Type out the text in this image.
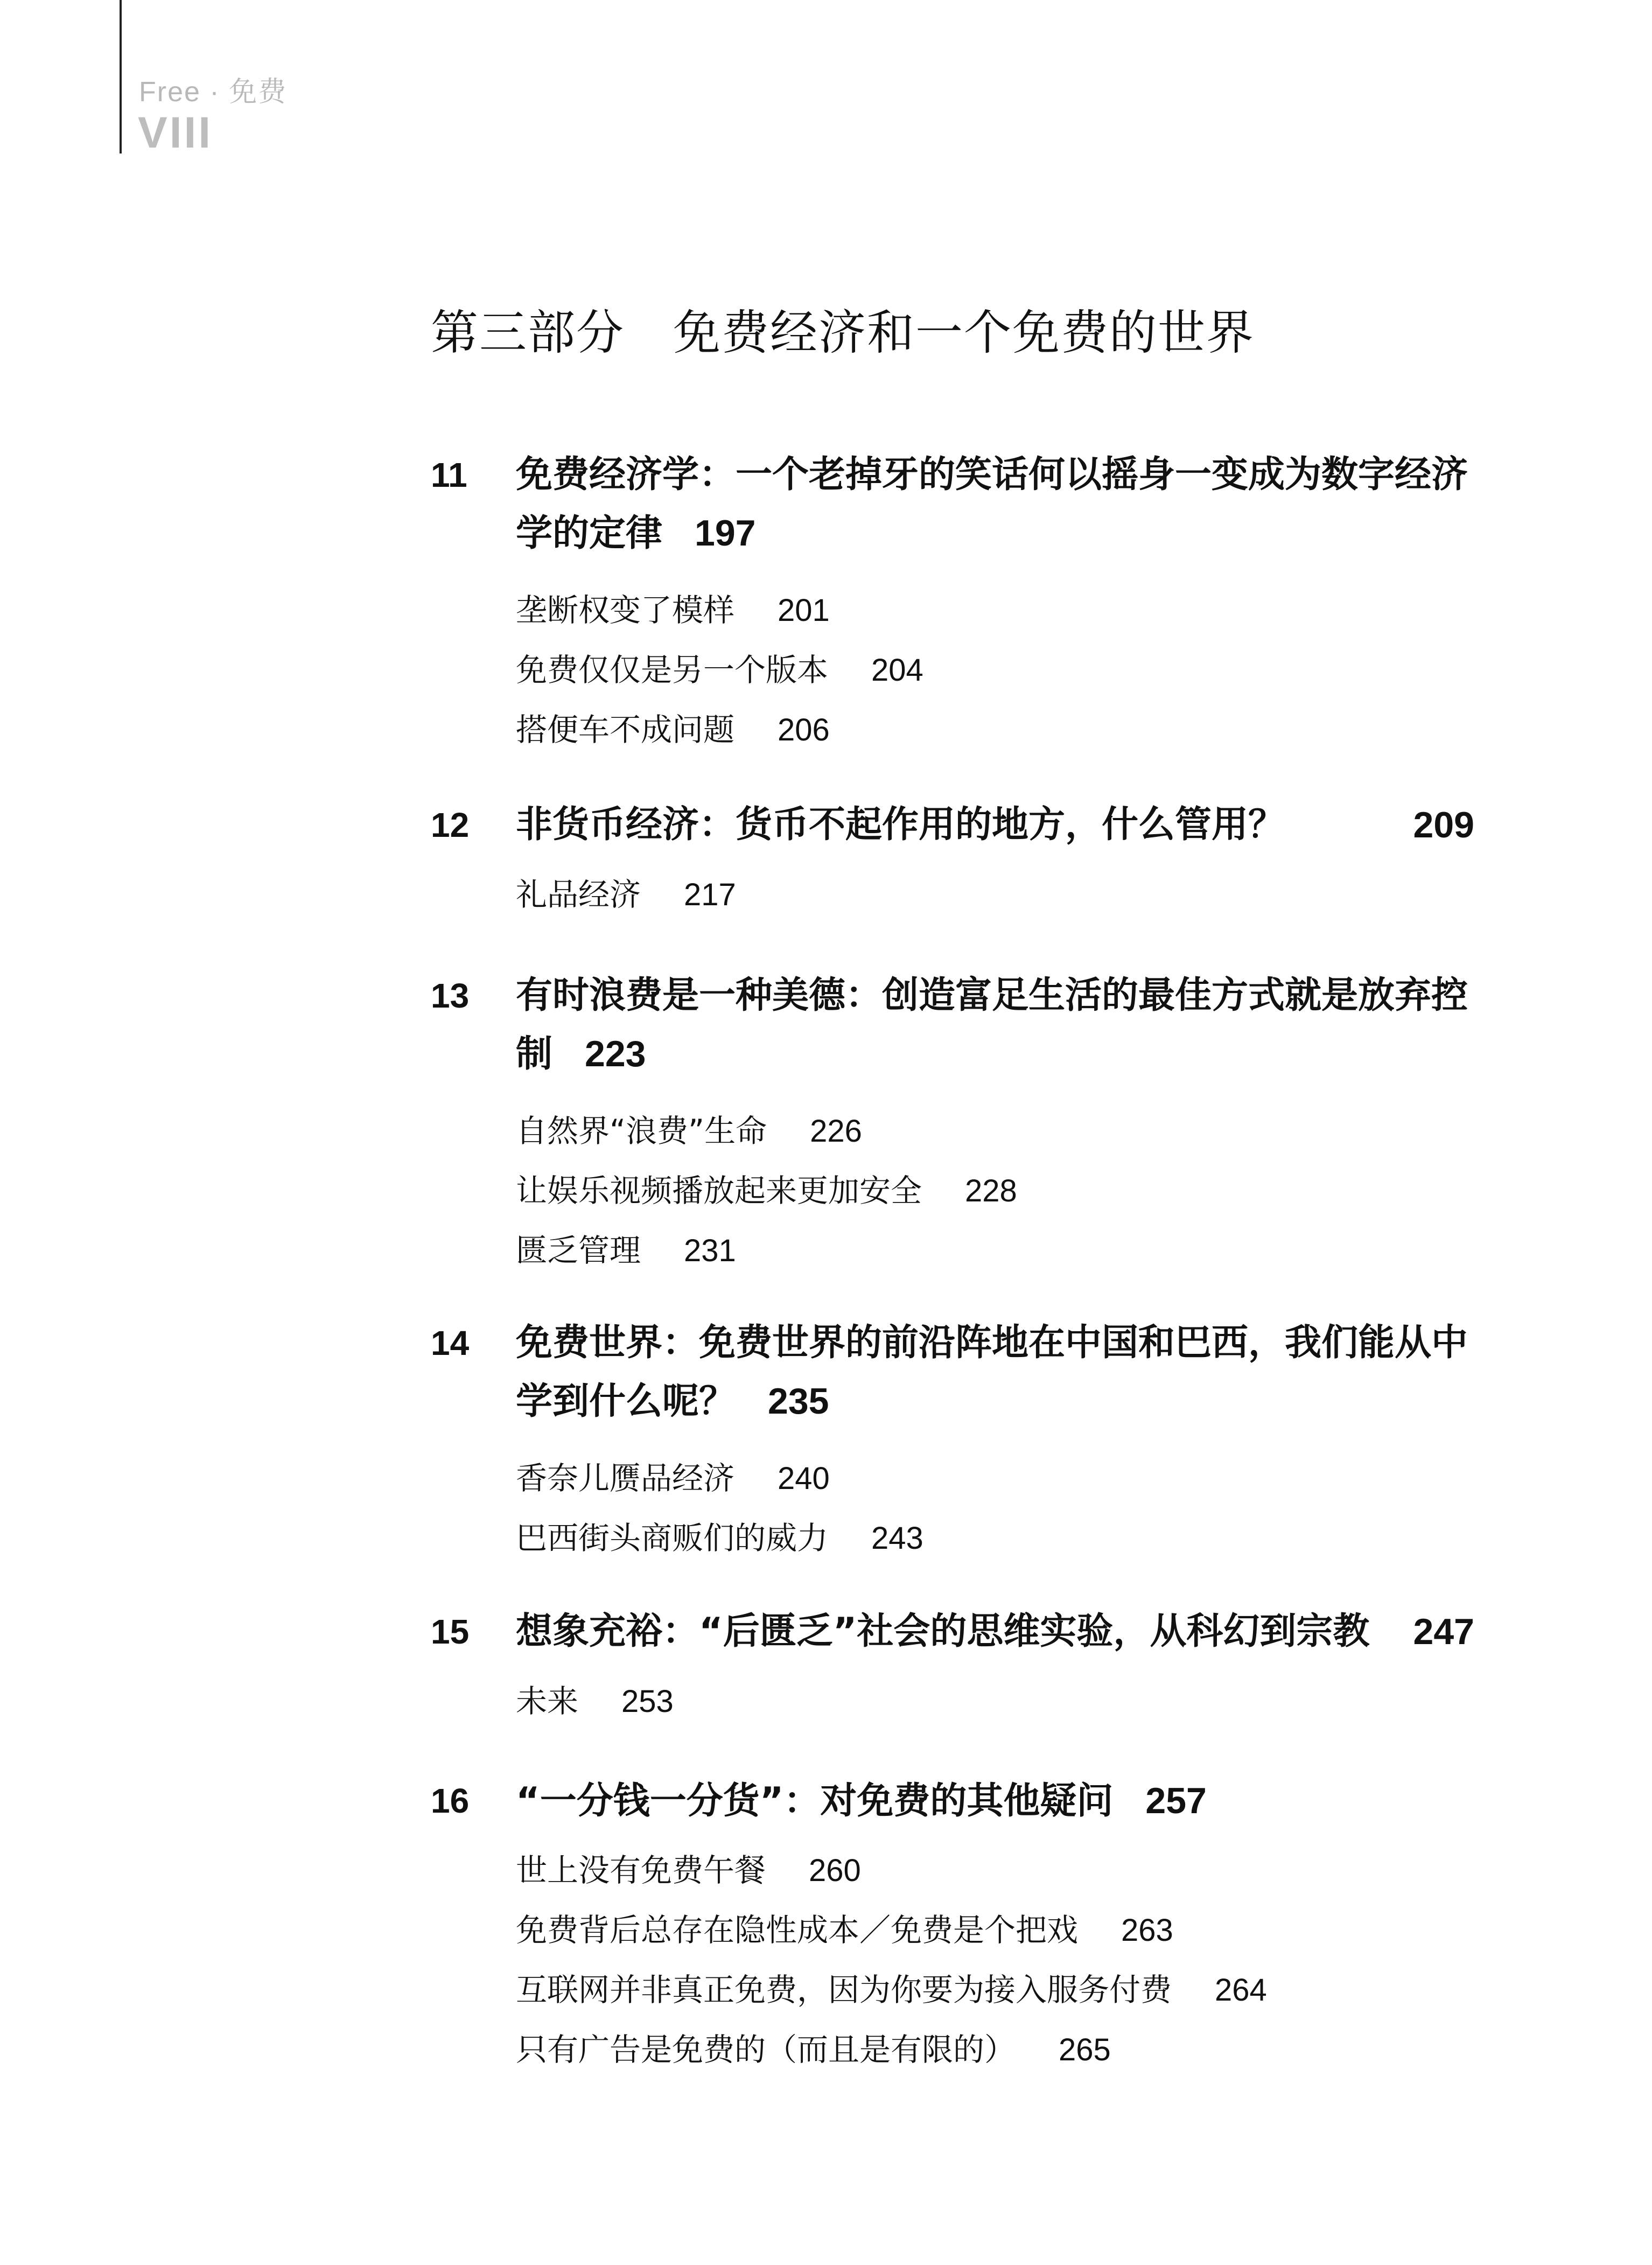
Free · 免费
VIII
第三部分　免费经济和一个免费的世界
11 免费经济学：一个老掉牙的笑话何以摇身一变成为数字经济学的定律 197
垄断权变了模样 201
免费仅仅是另一个版本 204
搭便车不成问题 206
12 非货币经济：货币不起作用的地方，什么管用？	209
礼品经济 217
13 有时浪费是一种美德：创造富足生活的最佳方式就是放弃控制 223
自然界“浪费”生命 226
让娱乐视频播放起来更加安全 228
匮乏管理 231
14 免费世界：免费世界的前沿阵地在中国和巴西，我们能从中学到什么呢？ 235
香奈儿赝品经济 240
巴西街头商贩们的威力 243
15 想象充裕：“后匮乏”社会的思维实验，从科幻到宗教 247
未来 253
16 “一分钱一分货”：对免费的其他疑问 257
世上没有免费午餐 260
免费背后总存在隐性成本／免费是个把戏 263
互联网并非真正免费，因为你要为接入服务付费 264
只有广告是免费的（而且是有限的） 265
